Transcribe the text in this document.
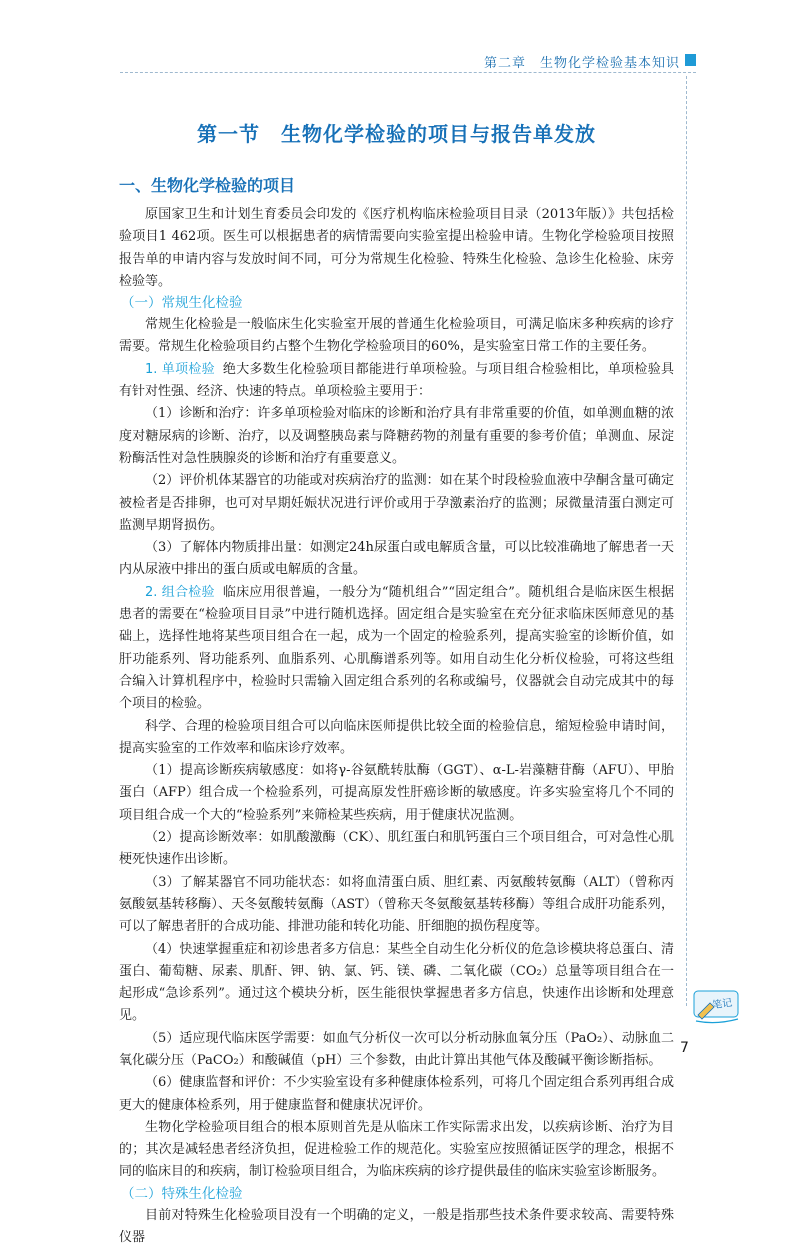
第二章　生物化学检验基本知识
第一节　生物化学检验的项目与报告单发放
一、生物化学检验的项目

原国家卫生和计划生育委员会印发的《医疗机构临床检验项目目录（2013年版）》共包括检验项目1 462项。医生可以根据患者的病情需要向实验室提出检验申请。生物化学检验项目按照报告单的申请内容与发放时间不同，可分为常规生化检验、特殊生化检验、急诊生化检验、床旁检验等。

（一）常规生化检验

常规生化检验是一般临床生化实验室开展的普通生化检验项目，可满足临床多种疾病的诊疗需要。常规生化检验项目约占整个生物化学检验项目的60%，是实验室日常工作的主要任务。

1. 单项检验 绝大多数生化检验项目都能进行单项检验。与项目组合检验相比，单项检验具有针对性强、经济、快速的特点。单项检验主要用于：

（1）诊断和治疗：许多单项检验对临床的诊断和治疗具有非常重要的价值，如单测血糖的浓度对糖尿病的诊断、治疗，以及调整胰岛素与降糖药物的剂量有重要的参考价值；单测血、尿淀粉酶活性对急性胰腺炎的诊断和治疗有重要意义。

（2）评价机体某器官的功能或对疾病治疗的监测：如在某个时段检验血液中孕酮含量可确定被检者是否排卵，也可对早期妊娠状况进行评价或用于孕激素治疗的监测；尿微量清蛋白测定可监测早期肾损伤。

（3）了解体内物质排出量：如测定24h尿蛋白或电解质含量，可以比较准确地了解患者一天内从尿液中排出的蛋白质或电解质的含量。

2. 组合检验 临床应用很普遍，一般分为“随机组合”“固定组合”。随机组合是临床医生根据患者的需要在“检验项目目录”中进行随机选择。固定组合是实验室在充分征求临床医师意见的基础上，选择性地将某些项目组合在一起，成为一个固定的检验系列，提高实验室的诊断价值，如肝功能系列、肾功能系列、血脂系列、心肌酶谱系列等。如用自动生化分析仪检验，可将这些组合编入计算机程序中，检验时只需输入固定组合系列的名称或编号，仪器就会自动完成其中的每个项目的检验。

科学、合理的检验项目组合可以向临床医师提供比较全面的检验信息，缩短检验申请时间，提高实验室的工作效率和临床诊疗效率。

（1）提高诊断疾病敏感度：如将γ-谷氨酰转肽酶（GGT）、α-L-岩藻糖苷酶（AFU）、甲胎蛋白（AFP）组合成一个检验系列，可提高原发性肝癌诊断的敏感度。许多实验室将几个不同的项目组合成一个大的“检验系列”来筛检某些疾病，用于健康状况监测。

（2）提高诊断效率：如肌酸激酶（CK）、肌红蛋白和肌钙蛋白三个项目组合，可对急性心肌梗死快速作出诊断。

（3）了解某器官不同功能状态：如将血清蛋白质、胆红素、丙氨酸转氨酶（ALT）（曾称丙氨酸氨基转移酶）、天冬氨酸转氨酶（AST）（曾称天冬氨酸氨基转移酶）等组合成肝功能系列，可以了解患者肝的合成功能、排泄功能和转化功能、肝细胞的损伤程度等。

（4）快速掌握重症和初诊患者多方信息：某些全自动生化分析仪的危急诊模块将总蛋白、清蛋白、葡萄糖、尿素、肌酐、钾、钠、氯、钙、镁、磷、二氧化碳（CO₂）总量等项目组合在一起形成“急诊系列”。通过这个模块分析，医生能很快掌握患者多方信息，快速作出诊断和处理意见。

（5）适应现代临床医学需要：如血气分析仪一次可以分析动脉血氧分压（PaO₂）、动脉血二氧化碳分压（PaCO₂）和酸碱值（pH）三个参数，由此计算出其他气体及酸碱平衡诊断指标。

（6）健康监督和评价：不少实验室设有多种健康体检系列，可将几个固定组合系列再组合成更大的健康体检系列，用于健康监督和健康状况评价。

生物化学检验项目组合的根本原则首先是从临床工作实际需求出发，以疾病诊断、治疗为目的；其次是减轻患者经济负担，促进检验工作的规范化。实验室应按照循证医学的理念，根据不同的临床目的和疾病，制订检验项目组合，为临床疾病的诊疗提供最佳的临床实验室诊断服务。

（二）特殊生化检验

目前对特殊生化检验项目没有一个明确的定义，一般是指那些技术条件要求较高、需要特殊仪器

笔记
7
